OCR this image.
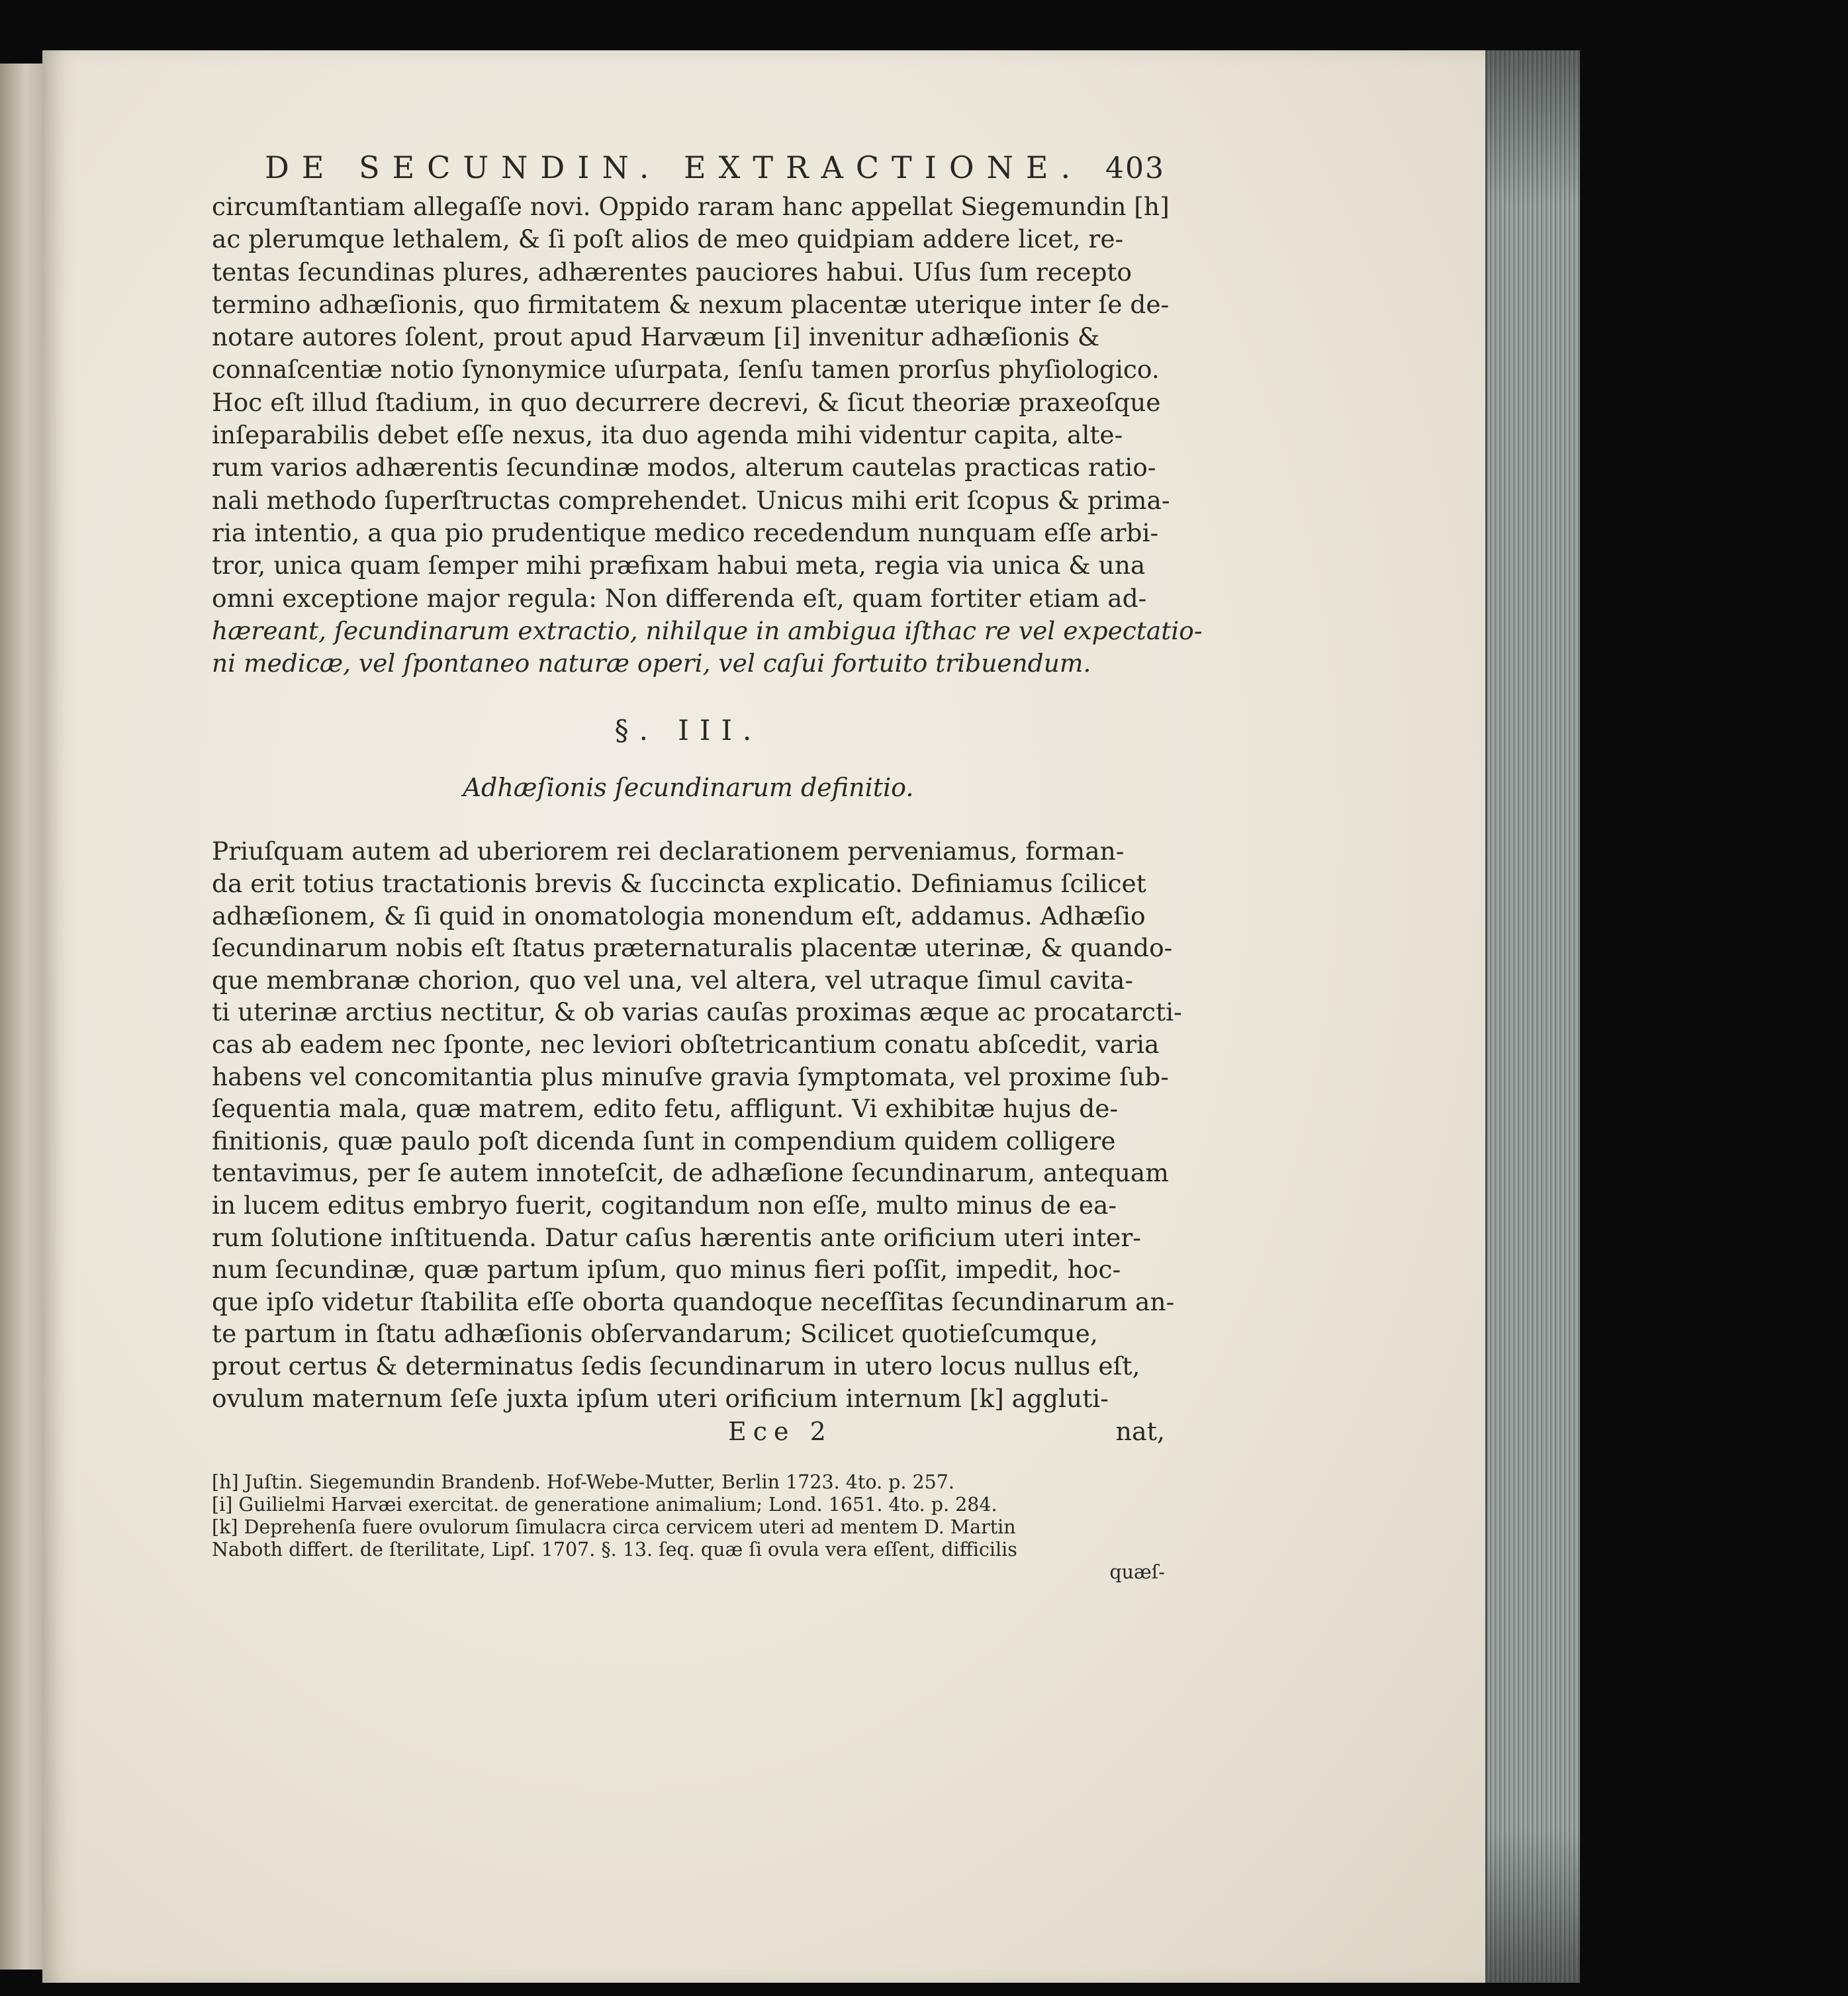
DE SECUNDIN. EXTRACTIONE. 403
circumſtantiam allegaſſe novi. Oppido raram hanc appellat Siegemundin [h]
ac plerumque lethalem, & ſi poſt alios de meo quidpiam addere licet, re-
tentas ſecundinas plures, adhærentes pauciores habui. Uſus ſum recepto
termino adhæſionis, quo firmitatem & nexum placentæ uterique inter ſe de-
notare autores ſolent, prout apud Harvæum [i] invenitur adhæſionis &
connaſcentiæ notio ſynonymice uſurpata, ſenſu tamen prorſus phyſiologico.
Hoc eſt illud ſtadium, in quo decurrere decrevi, & ſicut theoriæ praxeoſque
inſeparabilis debet eſſe nexus, ita duo agenda mihi videntur capita, alte-
rum varios adhærentis ſecundinæ modos, alterum cautelas practicas ratio-
nali methodo ſuperſtructas comprehendet. Unicus mihi erit ſcopus & prima-
ria intentio, a qua pio prudentique medico recedendum nunquam eſſe arbi-
tror, unica quam ſemper mihi præfixam habui meta, regia via unica & una
omni exceptione major regula: Non differenda eſt, quam fortiter etiam ad-
hæreant, ſecundinarum extractio, nihilque in ambigua iſthac re vel expectatio-
ni medicæ, vel ſpontaneo naturæ operi, vel caſui fortuito tribuendum.
§. III.
Adhæſionis ſecundinarum definitio.
Priuſquam autem ad uberiorem rei declarationem perveniamus, forman-
da erit totius tractationis brevis & ſuccincta explicatio. Definiamus ſcilicet
adhæſionem, & ſi quid in onomatologia monendum eſt, addamus. Adhæſio
ſecundinarum nobis eſt ſtatus præternaturalis placentæ uterinæ, & quando-
que membranæ chorion, quo vel una, vel altera, vel utraque ſimul cavita-
ti uterinæ arctius nectitur, & ob varias cauſas proximas æque ac procatarcti-
cas ab eadem nec ſponte, nec leviori obſtetricantium conatu abſcedit, varia
habens vel concomitantia plus minuſve gravia ſymptomata, vel proxime ſub-
ſequentia mala, quæ matrem, edito fetu, affligunt. Vi exhibitæ hujus de-
finitionis, quæ paulo poſt dicenda ſunt in compendium quidem colligere
tentavimus, per ſe autem innoteſcit, de adhæſione ſecundinarum, antequam
in lucem editus embryo fuerit, cogitandum non eſſe, multo minus de ea-
rum ſolutione inſtituenda. Datur caſus hærentis ante orificium uteri inter-
num ſecundinæ, quæ partum ipſum, quo minus fieri poſſit, impedit, hoc-
que ipſo videtur ſtabilita eſſe oborta quandoque neceſſitas ſecundinarum an-
te partum in ſtatu adhæſionis obſervandarum; Scilicet quotieſcumque,
prout certus & determinatus ſedis ſecundinarum in utero locus nullus eſt,
ovulum maternum ſeſe juxta ipſum uteri orificium internum [k] aggluti-
Ece 2	nat,
[h] Juſtin. Siegemundin Brandenb. Hof-Webe-Mutter, Berlin 1723. 4to. p. 257.
[i] Guilielmi Harvæi exercitat. de generatione animalium; Lond. 1651. 4to. p. 284.
[k] Deprehenſa fuere ovulorum ſimulacra circa cervicem uteri ad mentem D. Martin
Naboth differt. de ſterilitate, Lipſ. 1707. §. 13. ſeq. quæ ſi ovula vera eſſent, difficilis
quæſ-
